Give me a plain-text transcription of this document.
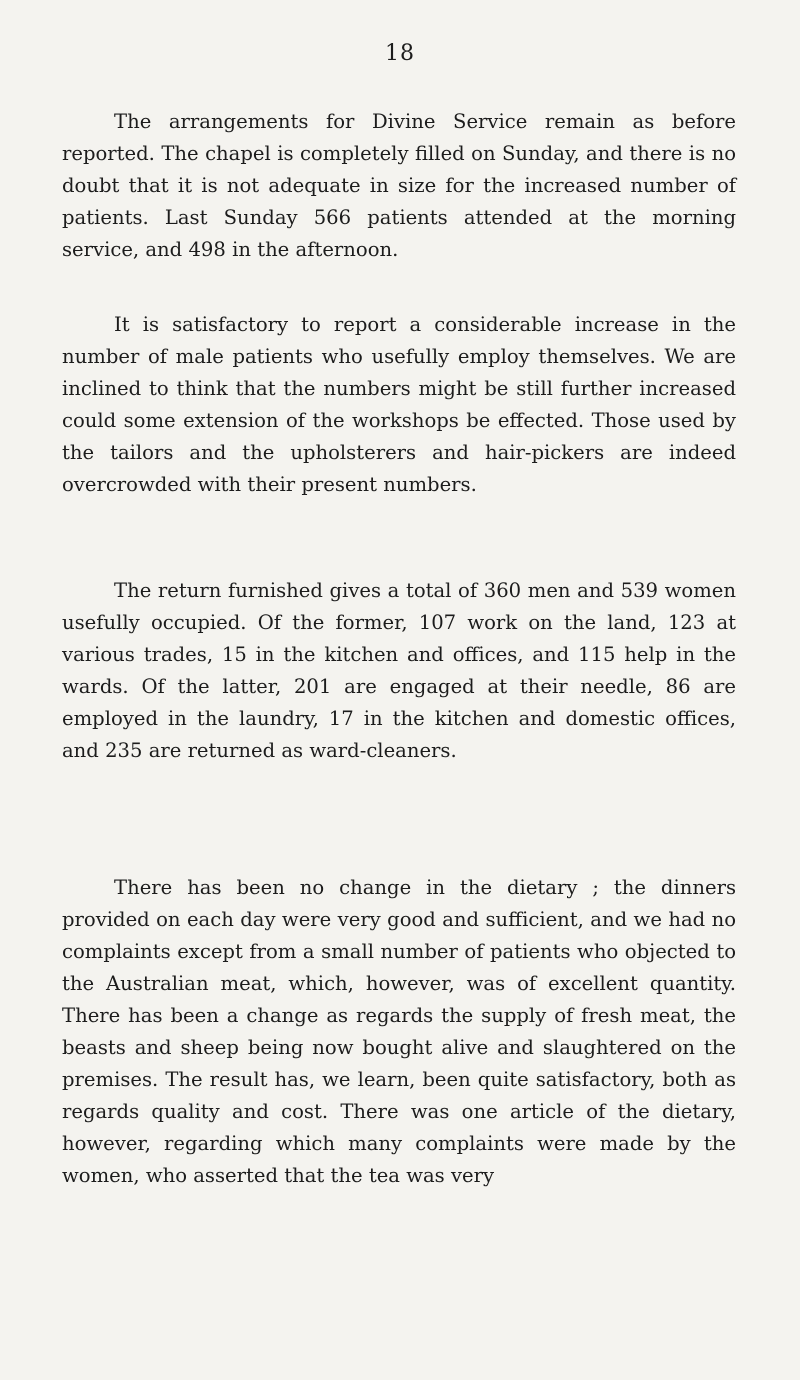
18

The arrangements for Divine Service remain as before reported. The chapel is completely filled on Sunday, and there is no doubt that it is not adequate in size for the increased number of patients. Last Sunday 566 patients attended at the morning service, and 498 in the afternoon.

It is satisfactory to report a considerable increase in the number of male patients who usefully employ themselves. We are inclined to think that the numbers might be still further increased could some extension of the workshops be effected. Those used by the tailors and the upholsterers and hair-pickers are indeed overcrowded with their present numbers.

The return furnished gives a total of 360 men and 539 women usefully occupied. Of the former, 107 work on the land, 123 at various trades, 15 in the kitchen and offices, and 115 help in the wards. Of the latter, 201 are engaged at their needle, 86 are employed in the laundry, 17 in the kitchen and domestic offices, and 235 are returned as ward-cleaners.

There has been no change in the dietary ; the dinners provided on each day were very good and sufficient, and we had no complaints except from a small number of patients who objected to the Australian meat, which, however, was of excellent quantity. There has been a change as regards the supply of fresh meat, the beasts and sheep being now bought alive and slaughtered on the premises. The result has, we learn, been quite satisfactory, both as regards quality and cost. There was one article of the dietary, however, regarding which many complaints were made by the women, who asserted that the tea was very
